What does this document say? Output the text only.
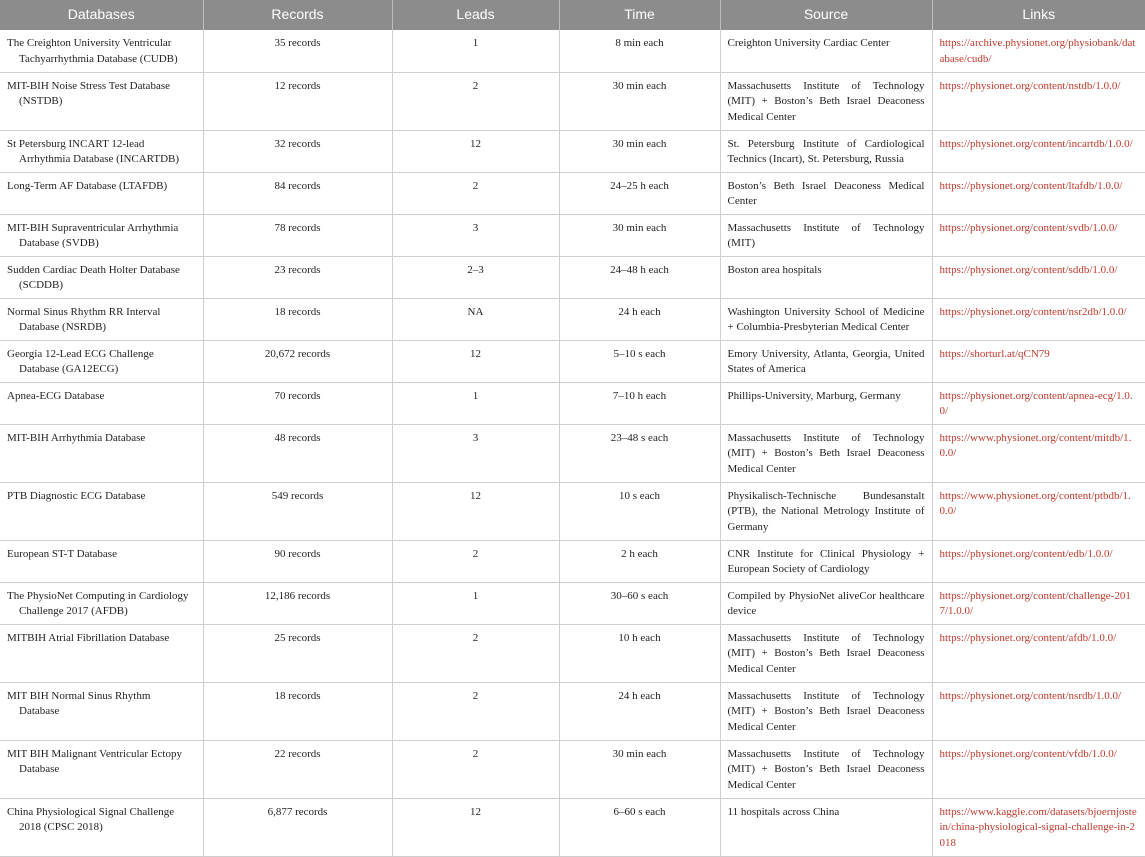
Databases	Records	Leads	Time	Source	Links

The Creighton University Ventricular Tachyarrhythmia Database (CUDB)	35 records	1	8 min each	Creighton University Cardiac Center	https://archive.physionet.org/physiobank/database/cudb/

MIT-BIH Noise Stress Test Database (NSTDB)	12 records	2	30 min each	Massachusetts Institute of Technology (MIT) + Boston’s Beth Israel Deaconess Medical Center	https://physionet.org/content/nstdb/1.0.0/

St Petersburg INCART 12-lead Arrhythmia Database (INCARTDB)	32 records	12	30 min each	St. Petersburg Institute of Cardiological Technics (Incart), St. Petersburg, Russia	https://physionet.org/content/incartdb/1.0.0/

Long-Term AF Database (LTAFDB)	84 records	2	24–25 h each	Boston’s Beth Israel Deaconess Medical Center	https://physionet.org/content/ltafdb/1.0.0/

MIT-BIH Supraventricular Arrhythmia Database (SVDB)	78 records	3	30 min each	Massachusetts Institute of Technology (MIT)	https://physionet.org/content/svdb/1.0.0/

Sudden Cardiac Death Holter Database (SCDDB)	23 records	2–3	24–48 h each	Boston area hospitals	https://physionet.org/content/sddb/1.0.0/

Normal Sinus Rhythm RR Interval Database (NSRDB)	18 records	NA	24 h each	Washington University School of Medicine + Columbia-Presbyterian Medical Center	https://physionet.org/content/nsr2db/1.0.0/

Georgia 12-Lead ECG Challenge Database (GA12ECG)	20,672 records	12	5–10 s each	Emory University, Atlanta, Georgia, United States of America	https://shorturl.at/qCN79

Apnea-ECG Database	70 records	1	7–10 h each	Phillips-University, Marburg, Germany	https://physionet.org/content/apnea-ecg/1.0.0/

MIT-BIH Arrhythmia Database	48 records	3	23–48 s each	Massachusetts Institute of Technology (MIT) + Boston’s Beth Israel Deaconess Medical Center	https://www.physionet.org/content/mitdb/1.0.0/

PTB Diagnostic ECG Database	549 records	12	10 s each	Physikalisch-Technische Bundesanstalt (PTB), the National Metrology Institute of Germany	https://www.physionet.org/content/ptbdb/1.0.0/

European ST-T Database	90 records	2	2 h each	CNR Institute for Clinical Physiology + European Society of Cardiology	https://physionet.org/content/edb/1.0.0/

The PhysioNet Computing in Cardiology Challenge 2017 (AFDB)	12,186 records	1	30–60 s each	Compiled by PhysioNet aliveCor healthcare device	https://physionet.org/content/challenge-2017/1.0.0/

MITBIH Atrial Fibrillation Database	25 records	2	10 h each	Massachusetts Institute of Technology (MIT) + Boston’s Beth Israel Deaconess Medical Center	https://physionet.org/content/afdb/1.0.0/

MIT BIH Normal Sinus Rhythm Database	18 records	2	24 h each	Massachusetts Institute of Technology (MIT) + Boston’s Beth Israel Deaconess Medical Center	https://physionet.org/content/nsrdb/1.0.0/

MIT BIH Malignant Ventricular Ectopy Database	22 records	2	30 min each	Massachusetts Institute of Technology (MIT) + Boston’s Beth Israel Deaconess Medical Center	https://physionet.org/content/vfdb/1.0.0/

China Physiological Signal Challenge 2018 (CPSC 2018)	6,877 records	12	6–60 s each	11 hospitals across China	https://www.kaggle.com/datasets/bjoernjostein/china-physiological-signal-challenge-in-2018
